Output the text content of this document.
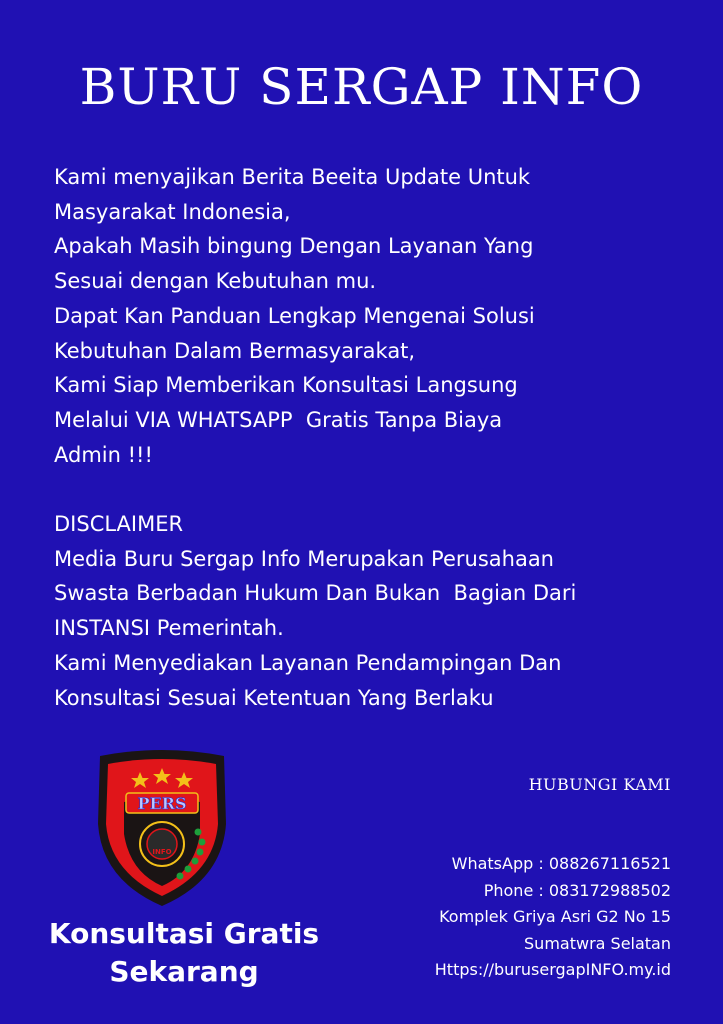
BURU SERGAP INFO
Kami menyajikan Berita Beeita Update Untuk
Masyarakat Indonesia,
Apakah Masih bingung Dengan Layanan Yang
Sesuai dengan Kebutuhan mu.
Dapat Kan Panduan Lengkap Mengenai Solusi
Kebutuhan Dalam Bermasyarakat,
Kami Siap Memberikan Konsultasi Langsung
Melalui VIA WHATSAPP  Gratis Tanpa Biaya
Admin !!!
DISCLAIMER
Media Buru Sergap Info Merupakan Perusahaan
Swasta Berbadan Hukum Dan Bukan  Bagian Dari
INSTANSI Pemerintah.
Kami Menyediakan Layanan Pendampingan Dan
Konsultasi Sesuai Ketentuan Yang Berlaku
PERS
INFO
Konsultasi Gratis
Sekarang
HUBUNGI KAMI
WhatsApp : 088267116521
Phone : 083172988502
Komplek Griya Asri G2 No 15
Sumatwra Selatan
Https://burusergapINFO.my.id
